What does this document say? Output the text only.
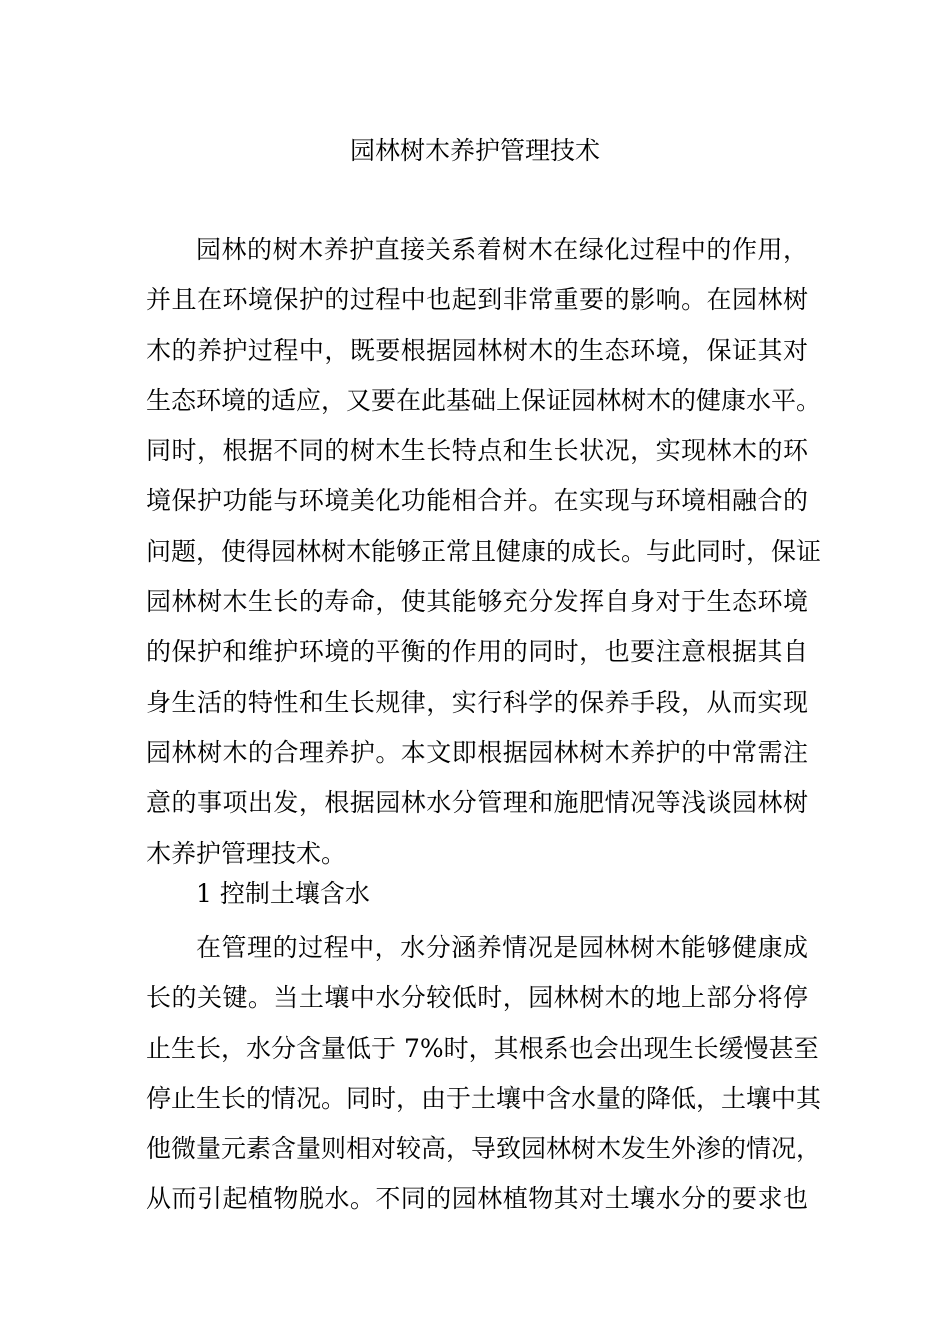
园林树木养护管理技术
园林的树木养护直接关系着树木在绿化过程中的作用，
并且在环境保护的过程中也起到非常重要的影响。在园林树
木的养护过程中，既要根据园林树木的生态环境，保证其对
生态环境的适应，又要在此基础上保证园林树木的健康水平。
同时，根据不同的树木生长特点和生长状况，实现林木的环
境保护功能与环境美化功能相合并。在实现与环境相融合的
问题，使得园林树木能够正常且健康的成长。与此同时，保证
园林树木生长的寿命，使其能够充分发挥自身对于生态环境
的保护和维护环境的平衡的作用的同时，也要注意根据其自
身生活的特性和生长规律，实行科学的保养手段，从而实现
园林树木的合理养护。本文即根据园林树木养护的中常需注
意的事项出发，根据园林水分管理和施肥情况等浅谈园林树
木养护管理技术。
1 控制土壤含水
在管理的过程中，水分涵养情况是园林树木能够健康成
长的关键。当土壤中水分较低时，园林树木的地上部分将停
止生长，水分含量低于 7%时，其根系也会出现生长缓慢甚至
停止生长的情况。同时，由于土壤中含水量的降低，土壤中其
他微量元素含量则相对较高，导致园林树木发生外渗的情况，
从而引起植物脱水。不同的园林植物其对土壤水分的要求也
